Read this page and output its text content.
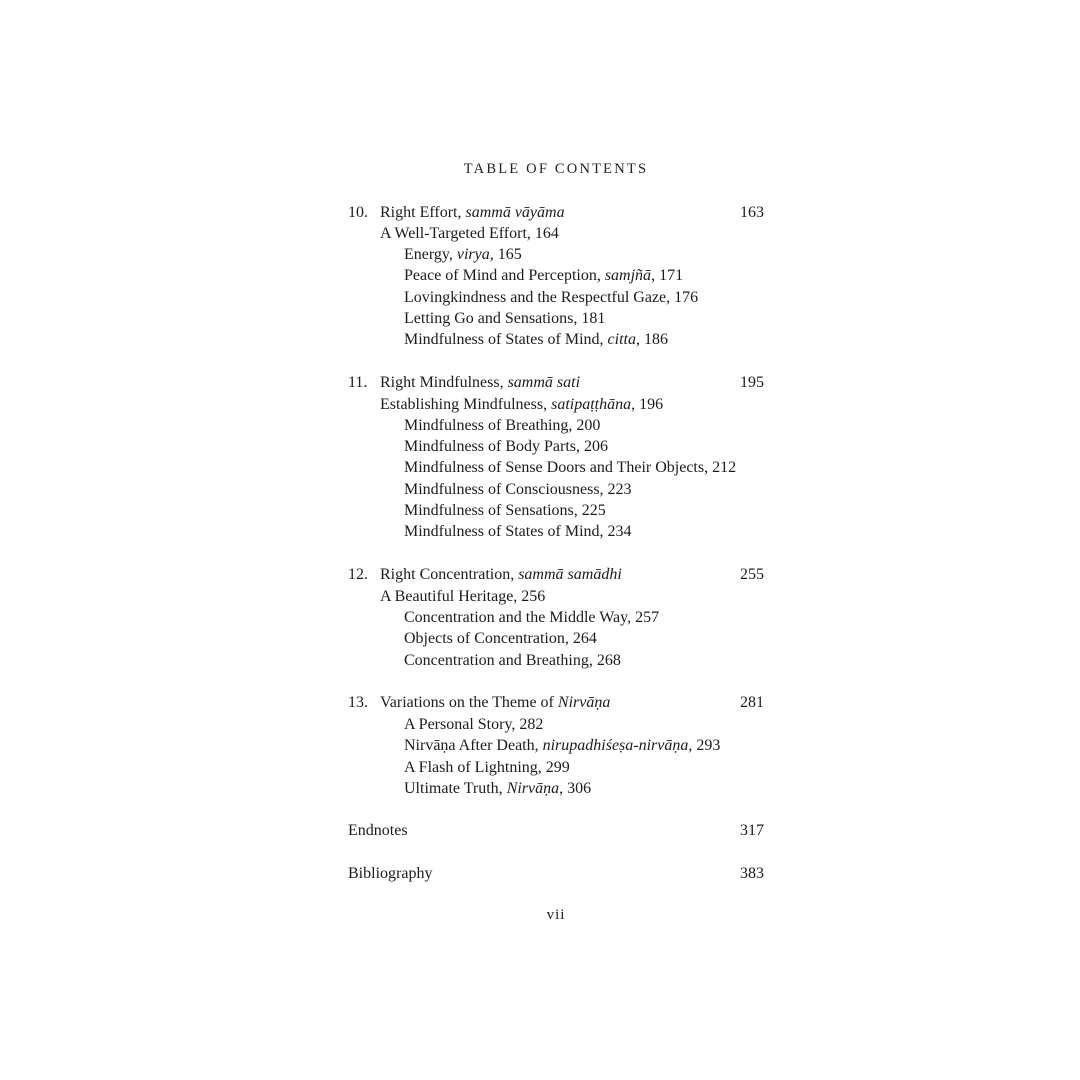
TABLE OF CONTENTS
10. Right Effort, sammā vāyāma	163
A Well-Targeted Effort, 164
Energy, virya, 165
Peace of Mind and Perception, samjñā, 171
Lovingkindness and the Respectful Gaze, 176
Letting Go and Sensations, 181
Mindfulness of States of Mind, citta, 186
11. Right Mindfulness, sammā sati	195
Establishing Mindfulness, satipaṭṭhāna, 196
Mindfulness of Breathing, 200
Mindfulness of Body Parts, 206
Mindfulness of Sense Doors and Their Objects, 212
Mindfulness of Consciousness, 223
Mindfulness of Sensations, 225
Mindfulness of States of Mind, 234
12. Right Concentration, sammā samādhi	255
A Beautiful Heritage, 256
Concentration and the Middle Way, 257
Objects of Concentration, 264
Concentration and Breathing, 268
13. Variations on the Theme of Nirvāṇa	281
A Personal Story, 282
Nirvāṇa After Death, nirupadhiśeṣa-nirvāṇa, 293
A Flash of Lightning, 299
Ultimate Truth, Nirvāṇa, 306
Endnotes	317
Bibliography	383
vii
